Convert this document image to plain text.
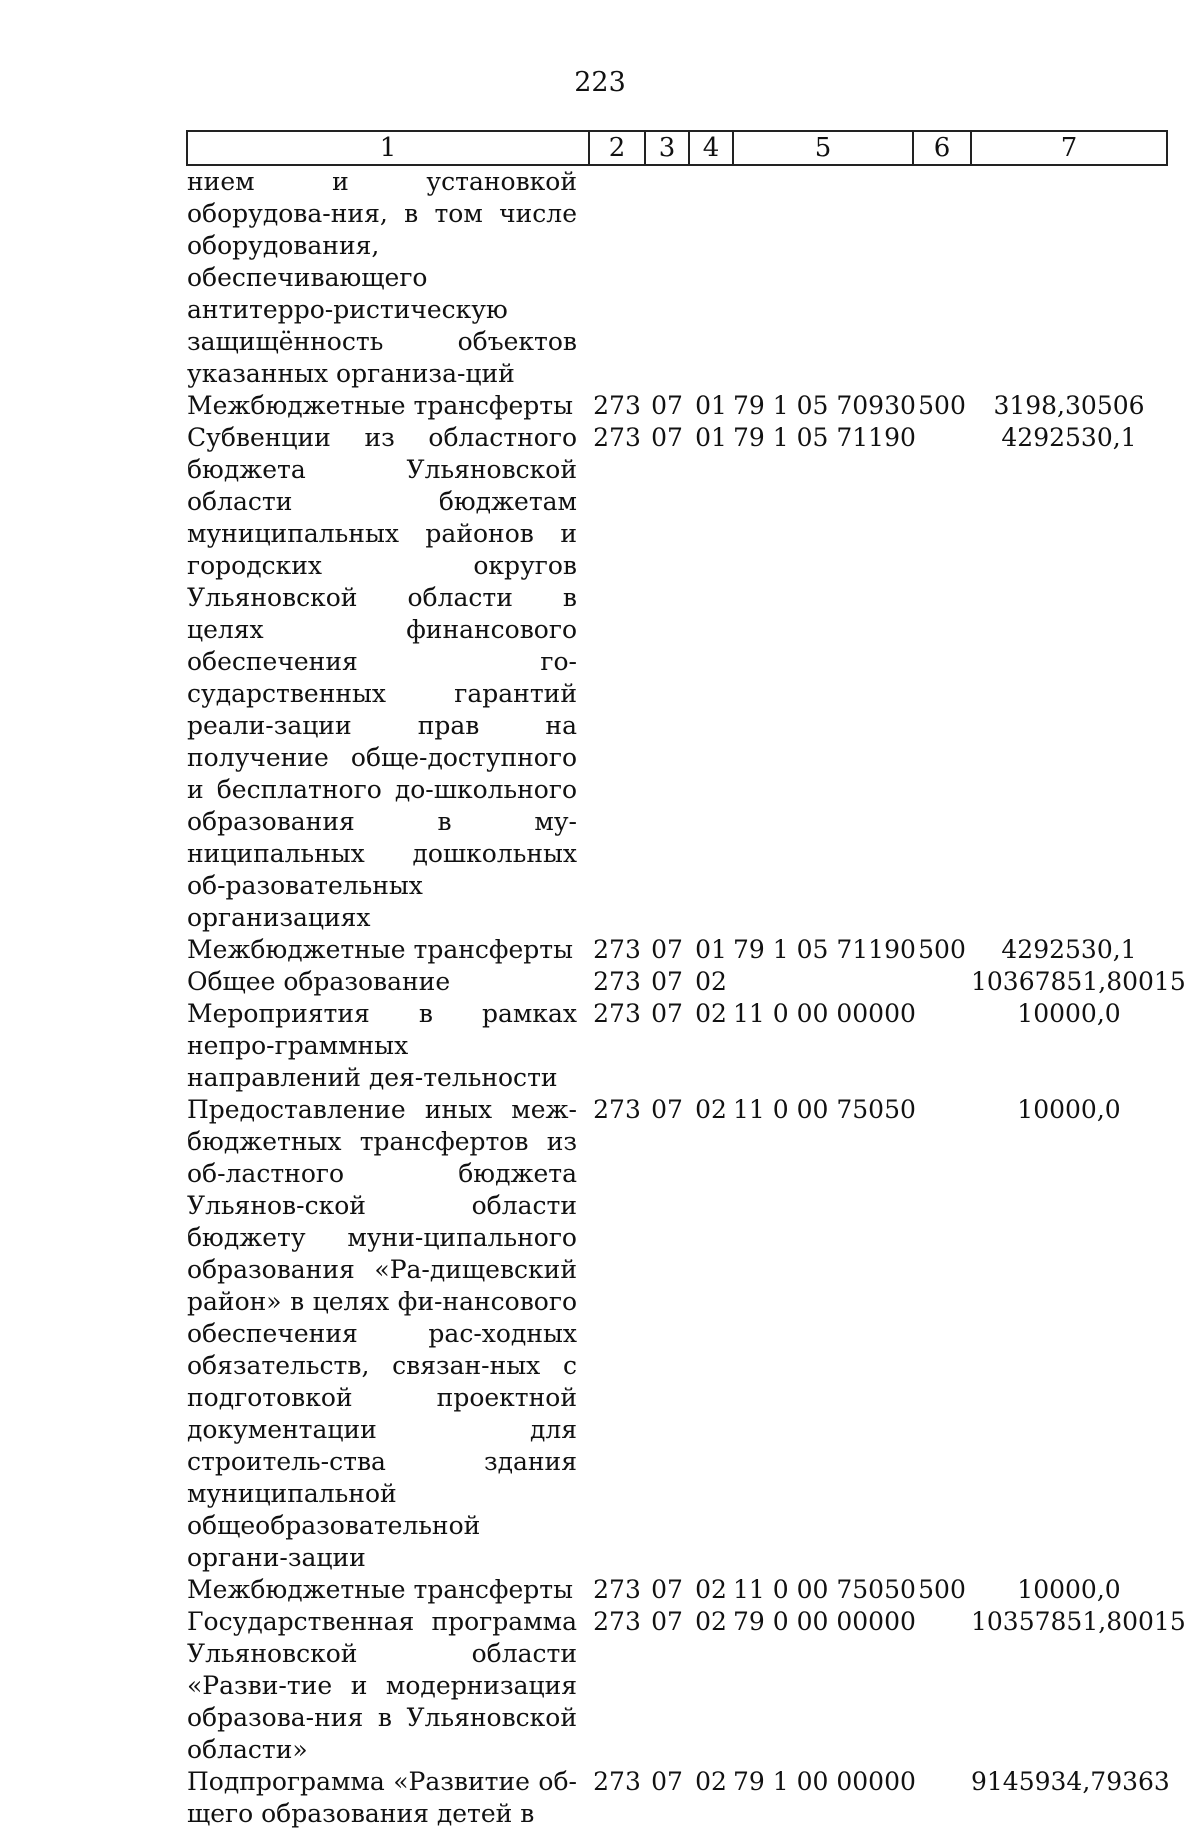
223
1	2	3	4	5	6	7
нием и установкой оборудова-ния, в том числе оборудования, обеспечивающего антитерро-ристическую защищённость объектов указанных организа-ций						
Межбюджетные трансферты	273	07	01	79 1 05 70930	500	3198,30506
Субвенции из областного бюджета Ульяновской области бюджетам муниципальных районов и городских округов Ульяновской области в целях финансового обеспечения го-сударственных гарантий реали-зации прав на получение обще-доступного и бесплатного до-школьного образования в му-ниципальных дошкольных об-разовательных организациях	273	07	01	79 1 05 71190		4292530,1
Межбюджетные трансферты	273	07	01	79 1 05 71190	500	4292530,1
Общее образование	273	07	02			10367851,80015
Мероприятия в рамках непро-граммных направлений дея-тельности	273	07	02	11 0 00 00000		10000,0
Предоставление иных меж-бюджетных трансфертов из об-ластного бюджета Ульянов-ской области бюджету муни-ципального образования «Ра-дищевский район» в целях фи-нансового обеспечения рас-ходных обязательств, связан-ных с подготовкой проектной документации для строитель-ства здания муниципальной общеобразовательной органи-зации	273	07	02	11 0 00 75050		10000,0
Межбюджетные трансферты	273	07	02	11 0 00 75050	500	10000,0
Государственная программа Ульяновской области «Разви-тие и модернизация образова-ния в Ульяновской области»	273	07	02	79 0 00 00000		10357851,80015
Подпрограмма «Развитие об-щего образования детей в	273	07	02	79 1 00 00000		9145934,79363
